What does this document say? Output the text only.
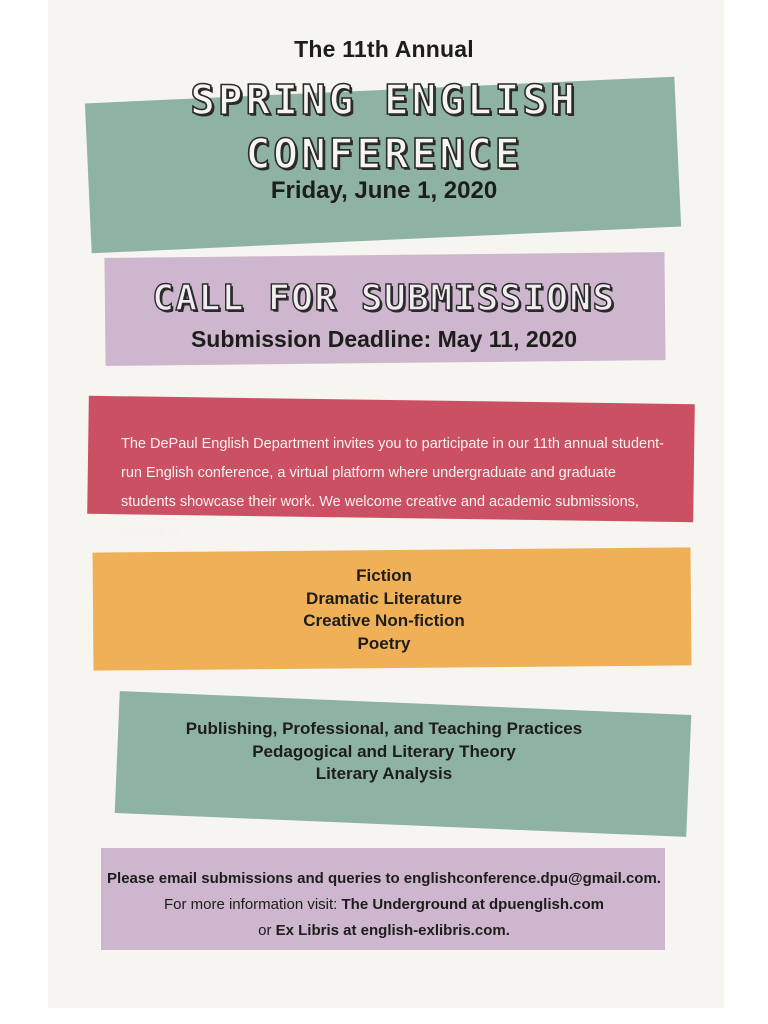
The 11th Annual
SPRING ENGLISH
CONFERENCE
Friday, June 1, 2020
CALL FOR SUBMISSIONS
Submission Deadline: May 11, 2020
The DePaul English Department invites you to participate in our 11th annual student-run English conference, a virtual platform where undergraduate and graduate students showcase their work. We welcome creative and academic submissions, including:
Fiction
Dramatic Literature
Creative Non-fiction
Poetry
Publishing, Professional, and Teaching Practices
Pedagogical and Literary Theory
Literary Analysis
Please email submissions and queries to englishconference.dpu@gmail.com.
For more information visit: The Underground at dpuenglish.com
or Ex Libris at english-exlibris.com.
